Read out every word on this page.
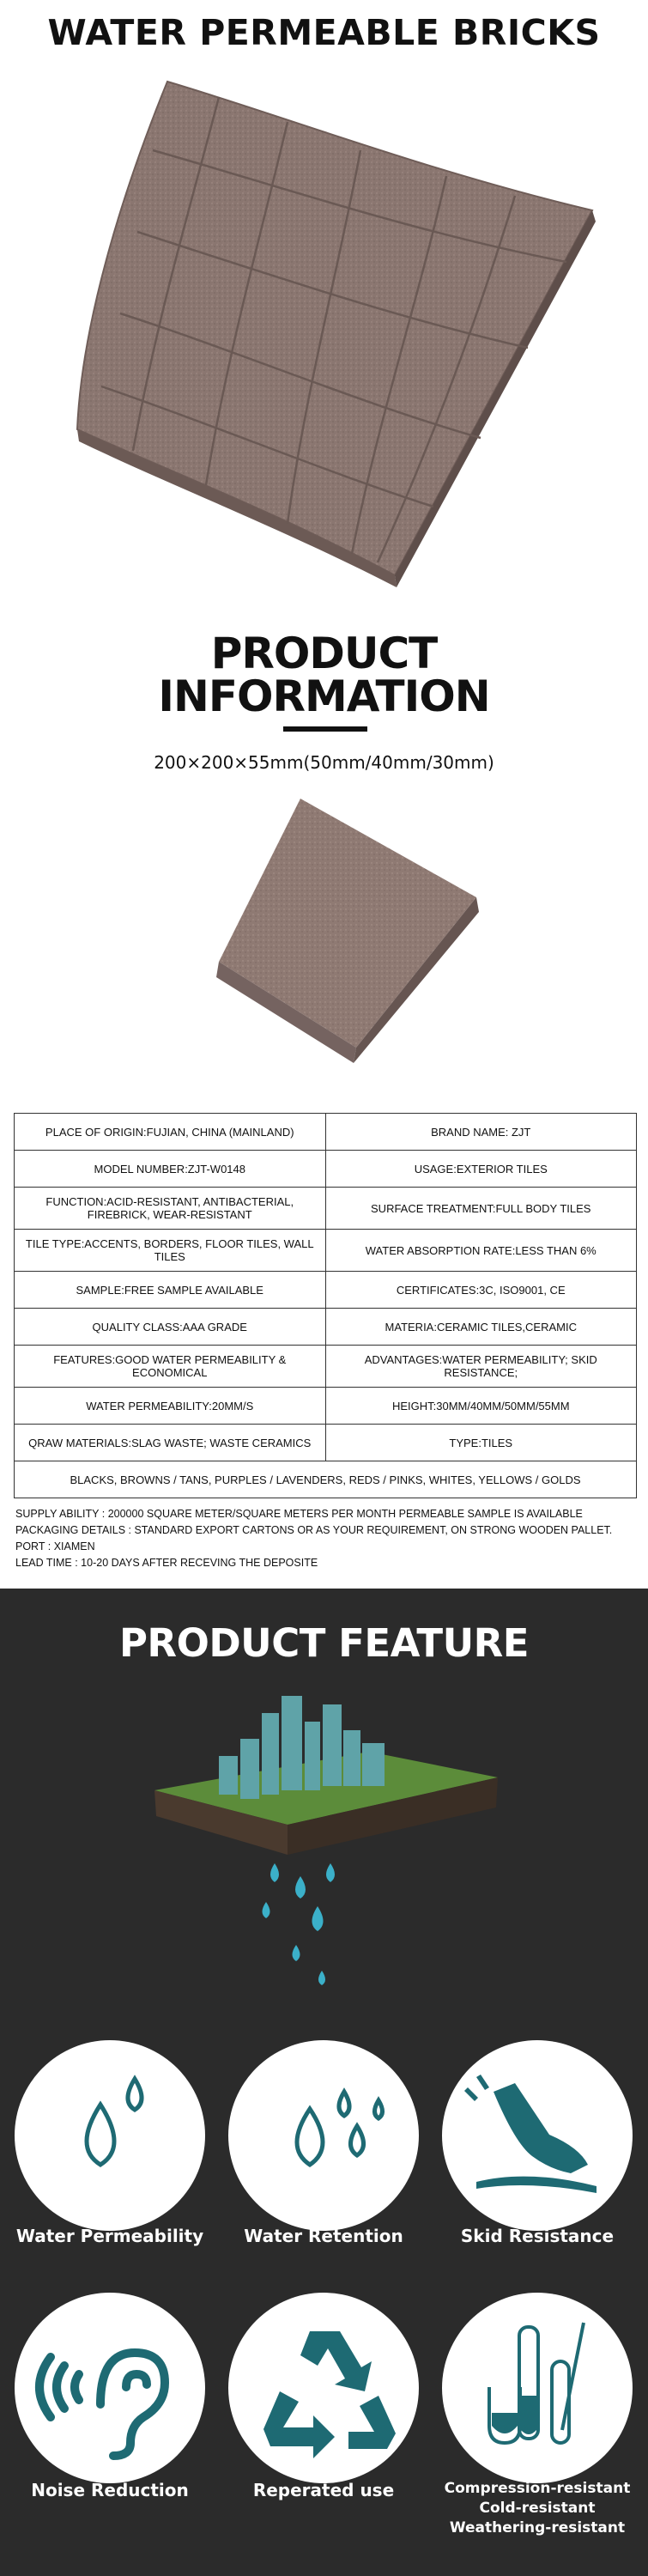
WATER PERMEABLE BRICKS
PRODUCT
INFORMATION
200×200×55mm(50mm/40mm/30mm)
PLACE OF ORIGIN:FUJIAN, CHINA (MAINLAND)	BRAND NAME: ZJT
MODEL NUMBER:ZJT-W0148	USAGE:EXTERIOR TILES
FUNCTION:ACID-RESISTANT, ANTIBACTERIAL, FIREBRICK, WEAR-RESISTANT	SURFACE TREATMENT:FULL BODY TILES
TILE TYPE:ACCENTS, BORDERS, FLOOR TILES, WALL TILES	WATER ABSORPTION RATE:LESS THAN 6%
SAMPLE:FREE SAMPLE AVAILABLE	CERTIFICATES:3C, ISO9001, CE
QUALITY CLASS:AAA GRADE	MATERIA:CERAMIC TILES,CERAMIC
FEATURES:GOOD WATER PERMEABILITY & ECONOMICAL	ADVANTAGES:WATER PERMEABILITY; SKID RESISTANCE;
WATER PERMEABILITY:20MM/S	HEIGHT:30MM/40MM/50MM/55MM
QRAW MATERIALS:SLAG WASTE; WASTE CERAMICS	TYPE:TILES
BLACKS, BROWNS / TANS, PURPLES / LAVENDERS, REDS / PINKS, WHITES, YELLOWS / GOLDS	
SUPPLY ABILITY : 200000 SQUARE METER/SQUARE METERS PER MONTH PERMEABLE SAMPLE IS AVAILABLE
PACKAGING DETAILS : STANDARD EXPORT CARTONS OR AS YOUR REQUIREMENT, ON STRONG WOODEN PALLET.
PORT : XIAMEN
LEAD TIME : 10-20 DAYS AFTER RECEVING THE DEPOSITE
PRODUCT FEATURE
Water Permeability	Water Retention	Skid Resistance
Noise Reduction	Reperated use	Compression-resistant
Cold-resistant
Weathering-resistant
